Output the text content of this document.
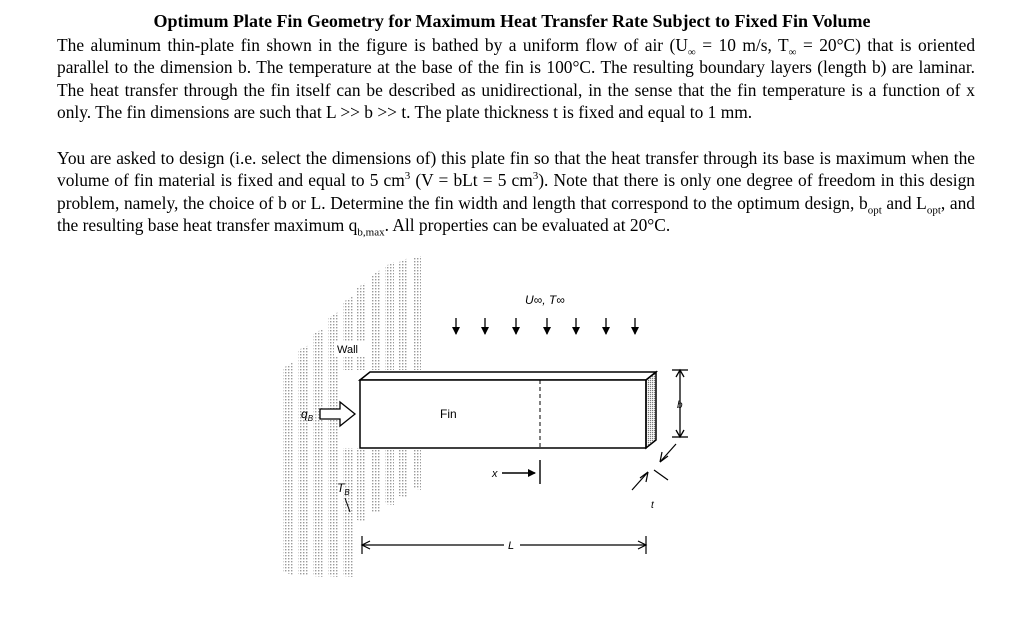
Optimum Plate Fin Geometry for Maximum Heat Transfer Rate Subject to Fixed Fin Volume

The aluminum thin-plate fin shown in the figure is bathed by a uniform flow of air ($U_\infty = 10$ m/s, $T_\infty = 20^\circ C$) that is oriented parallel to the dimension b. The temperature at the base of the fin is 100°C. The resulting boundary layers (length b) are laminar. The heat transfer through the fin itself can be described as unidirectional, in the sense that the fin temperature is a function of x only. The fin dimensions are such that L >> b >> t. The plate thickness t is fixed and equal to 1 mm.

You are asked to design (i.e. select the dimensions of) this plate fin so that the heat transfer through its base is maximum when the volume of fin material is fixed and equal to 5 $cm^3$ (V = bLt = 5 $cm^3$). Note that there is only one degree of freedom in this design problem, namely, the choice of b or L. Determine the fin width and length that correspond to the optimum design, $b_{opt}$ and $L_{opt}$, and the resulting base heat transfer maximum $q_{b,max}$. All properties can be evaluated at 20°C.

Wall
U∞, T∞
Fin
$q_B$
$T_B$
x
b
t
L
